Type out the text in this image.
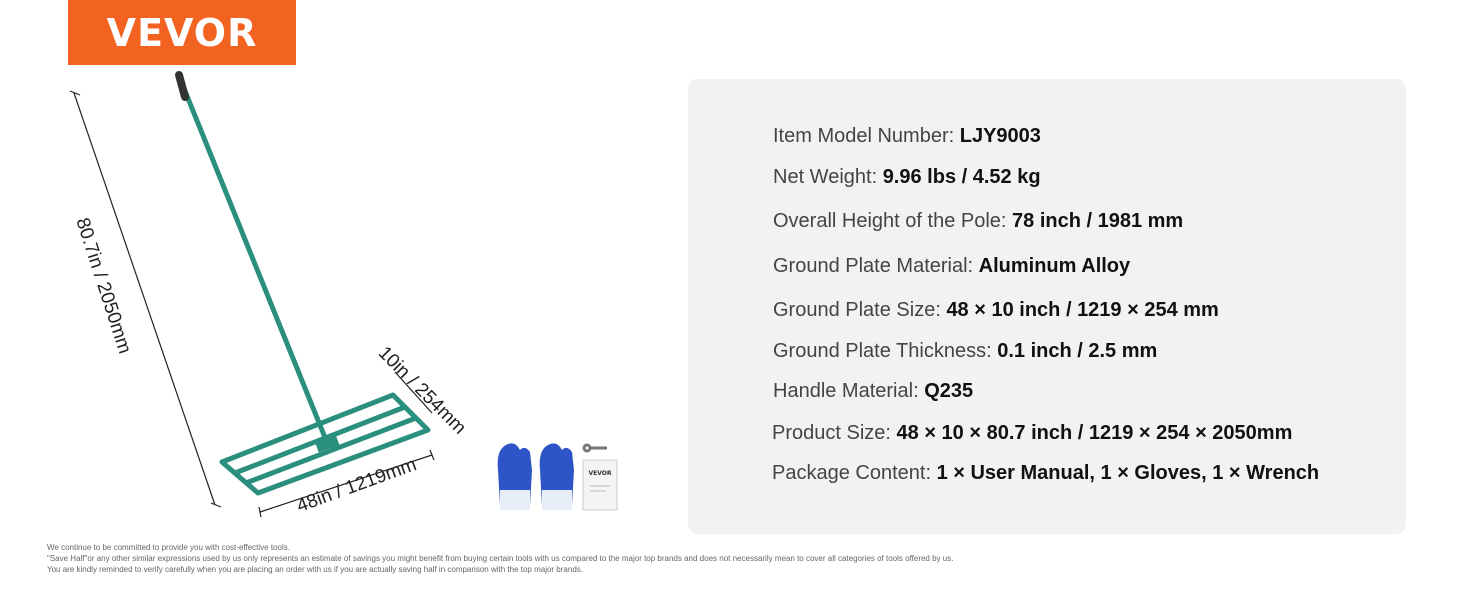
VEVOR
VEVOR
80.7in / 2050mm
48in / 1219mm
10in / 254mm
Item Model Number: LJY9003
Net Weight: 9.96 lbs / 4.52 kg
Overall Height of the Pole: 78 inch / 1981 mm
Ground Plate Material: Aluminum Alloy
Ground Plate Size: 48 × 10 inch / 1219 × 254 mm
Ground Plate Thickness: 0.1 inch / 2.5 mm
Handle Material: Q235
Product Size: 48 × 10 × 80.7 inch / 1219 × 254 × 2050mm
Package Content: 1 × User Manual, 1 × Gloves, 1 × Wrench
We continue to be committed to provide you with cost-effective tools.
"Save Half"or any other similar expressions used by us only represents an estimate of savings you might benefit from buying certain tools with us compared to the major top brands and does not necessarily mean to cover all categories of tools offered by us.
You are kindly reminded to verify carefully when you are placing an order with us if you are actually saving half in comparison with the top major brands.
